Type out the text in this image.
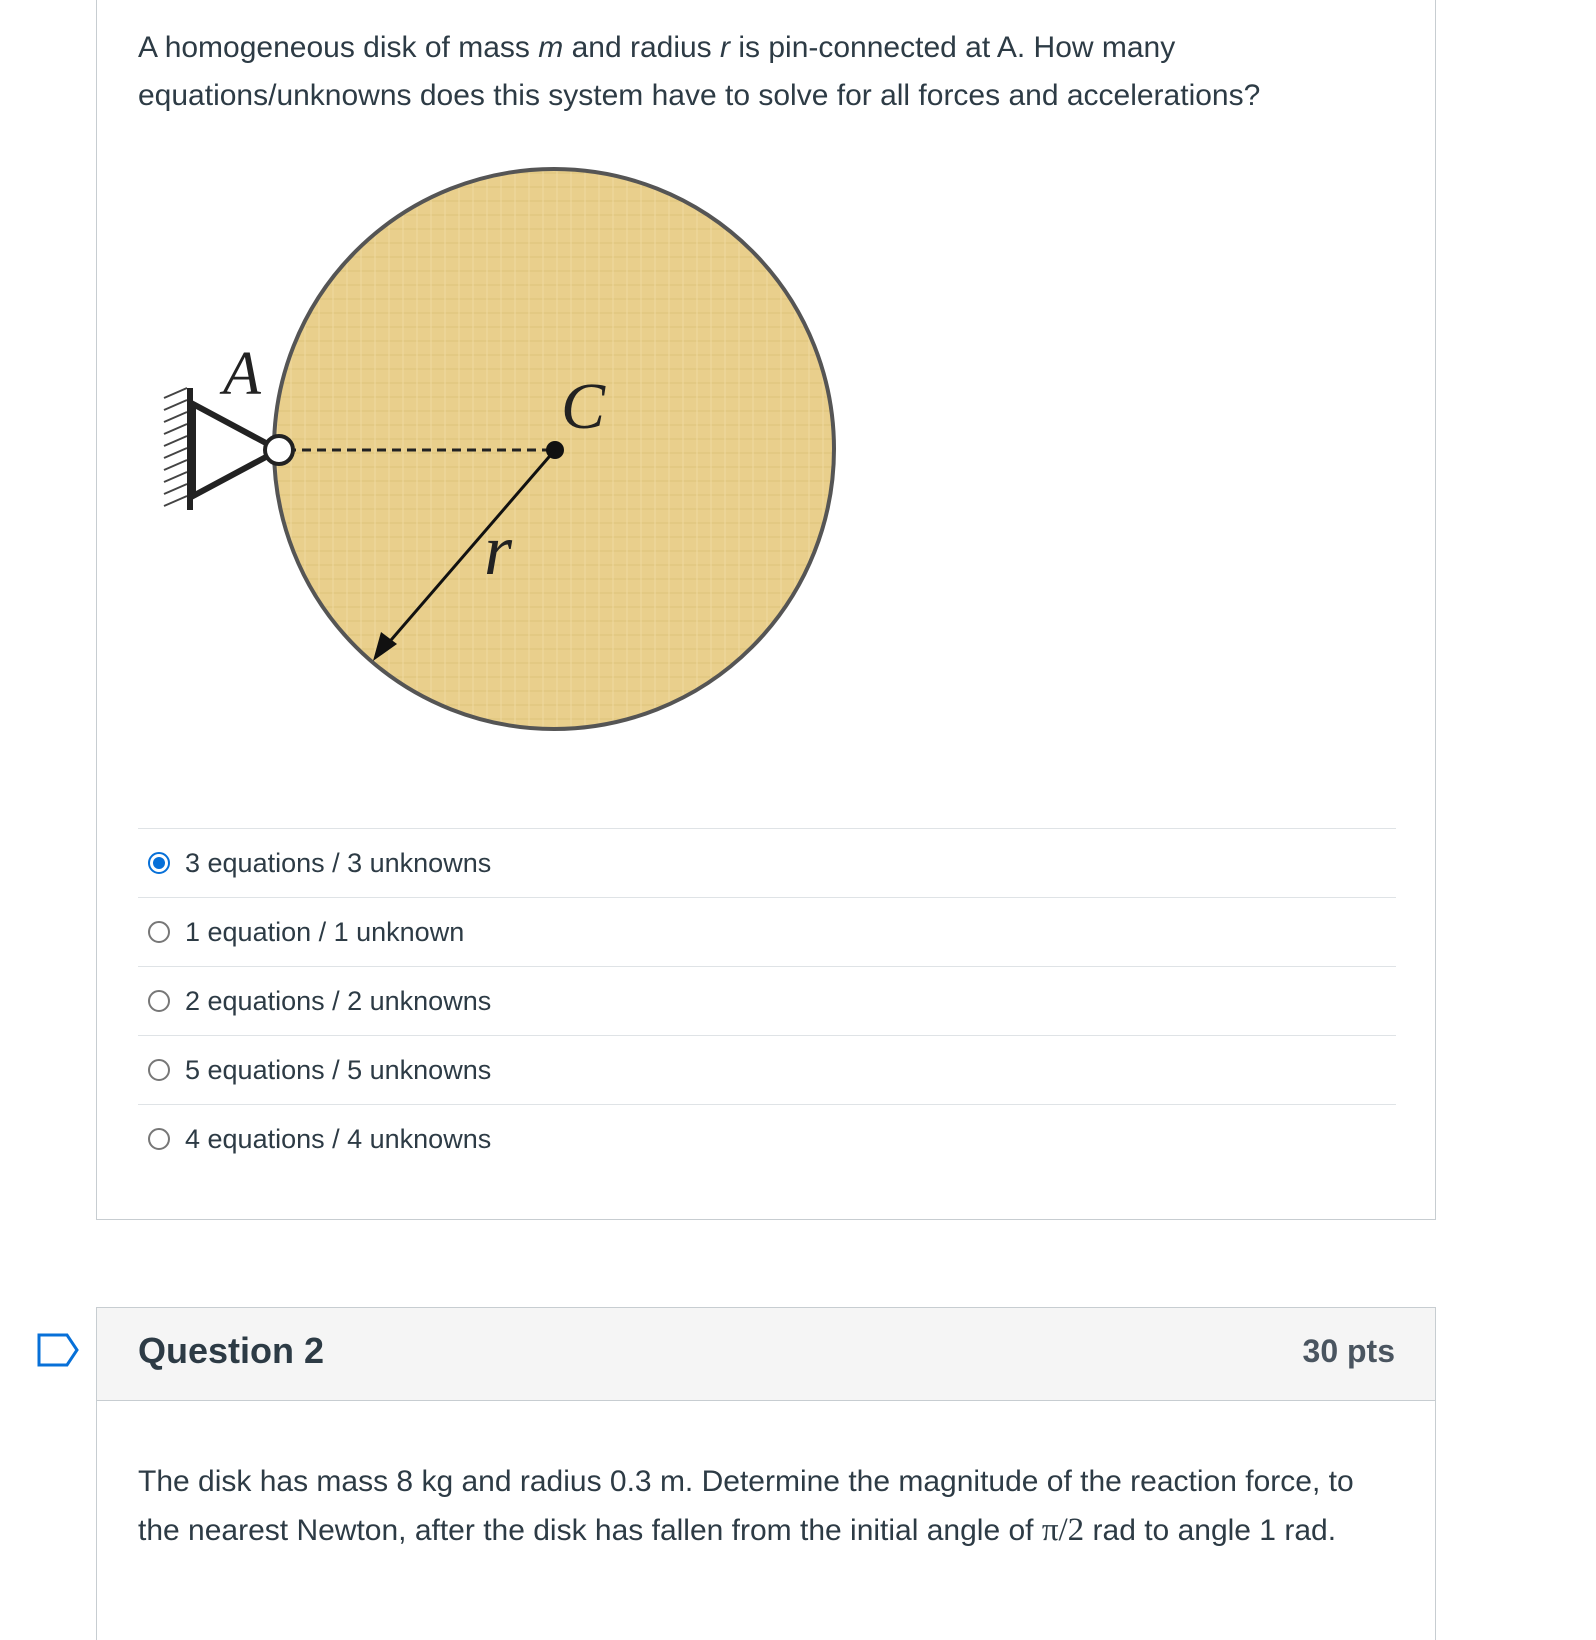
A homogeneous disk of mass m and radius r is pin-connected at A. How many equations/unknowns does this system have to solve for all forces and accelerations?
A	C
r
3 equations / 3 unknowns
1 equation / 1 unknown
2 equations / 2 unknowns
5 equations / 5 unknowns
4 equations / 4 unknowns
Question 2	30 pts
The disk has mass 8 kg and radius 0.3 m. Determine the magnitude of the reaction force, to the nearest Newton, after the disk has fallen from the initial angle of π/2 rad to angle 1 rad.
